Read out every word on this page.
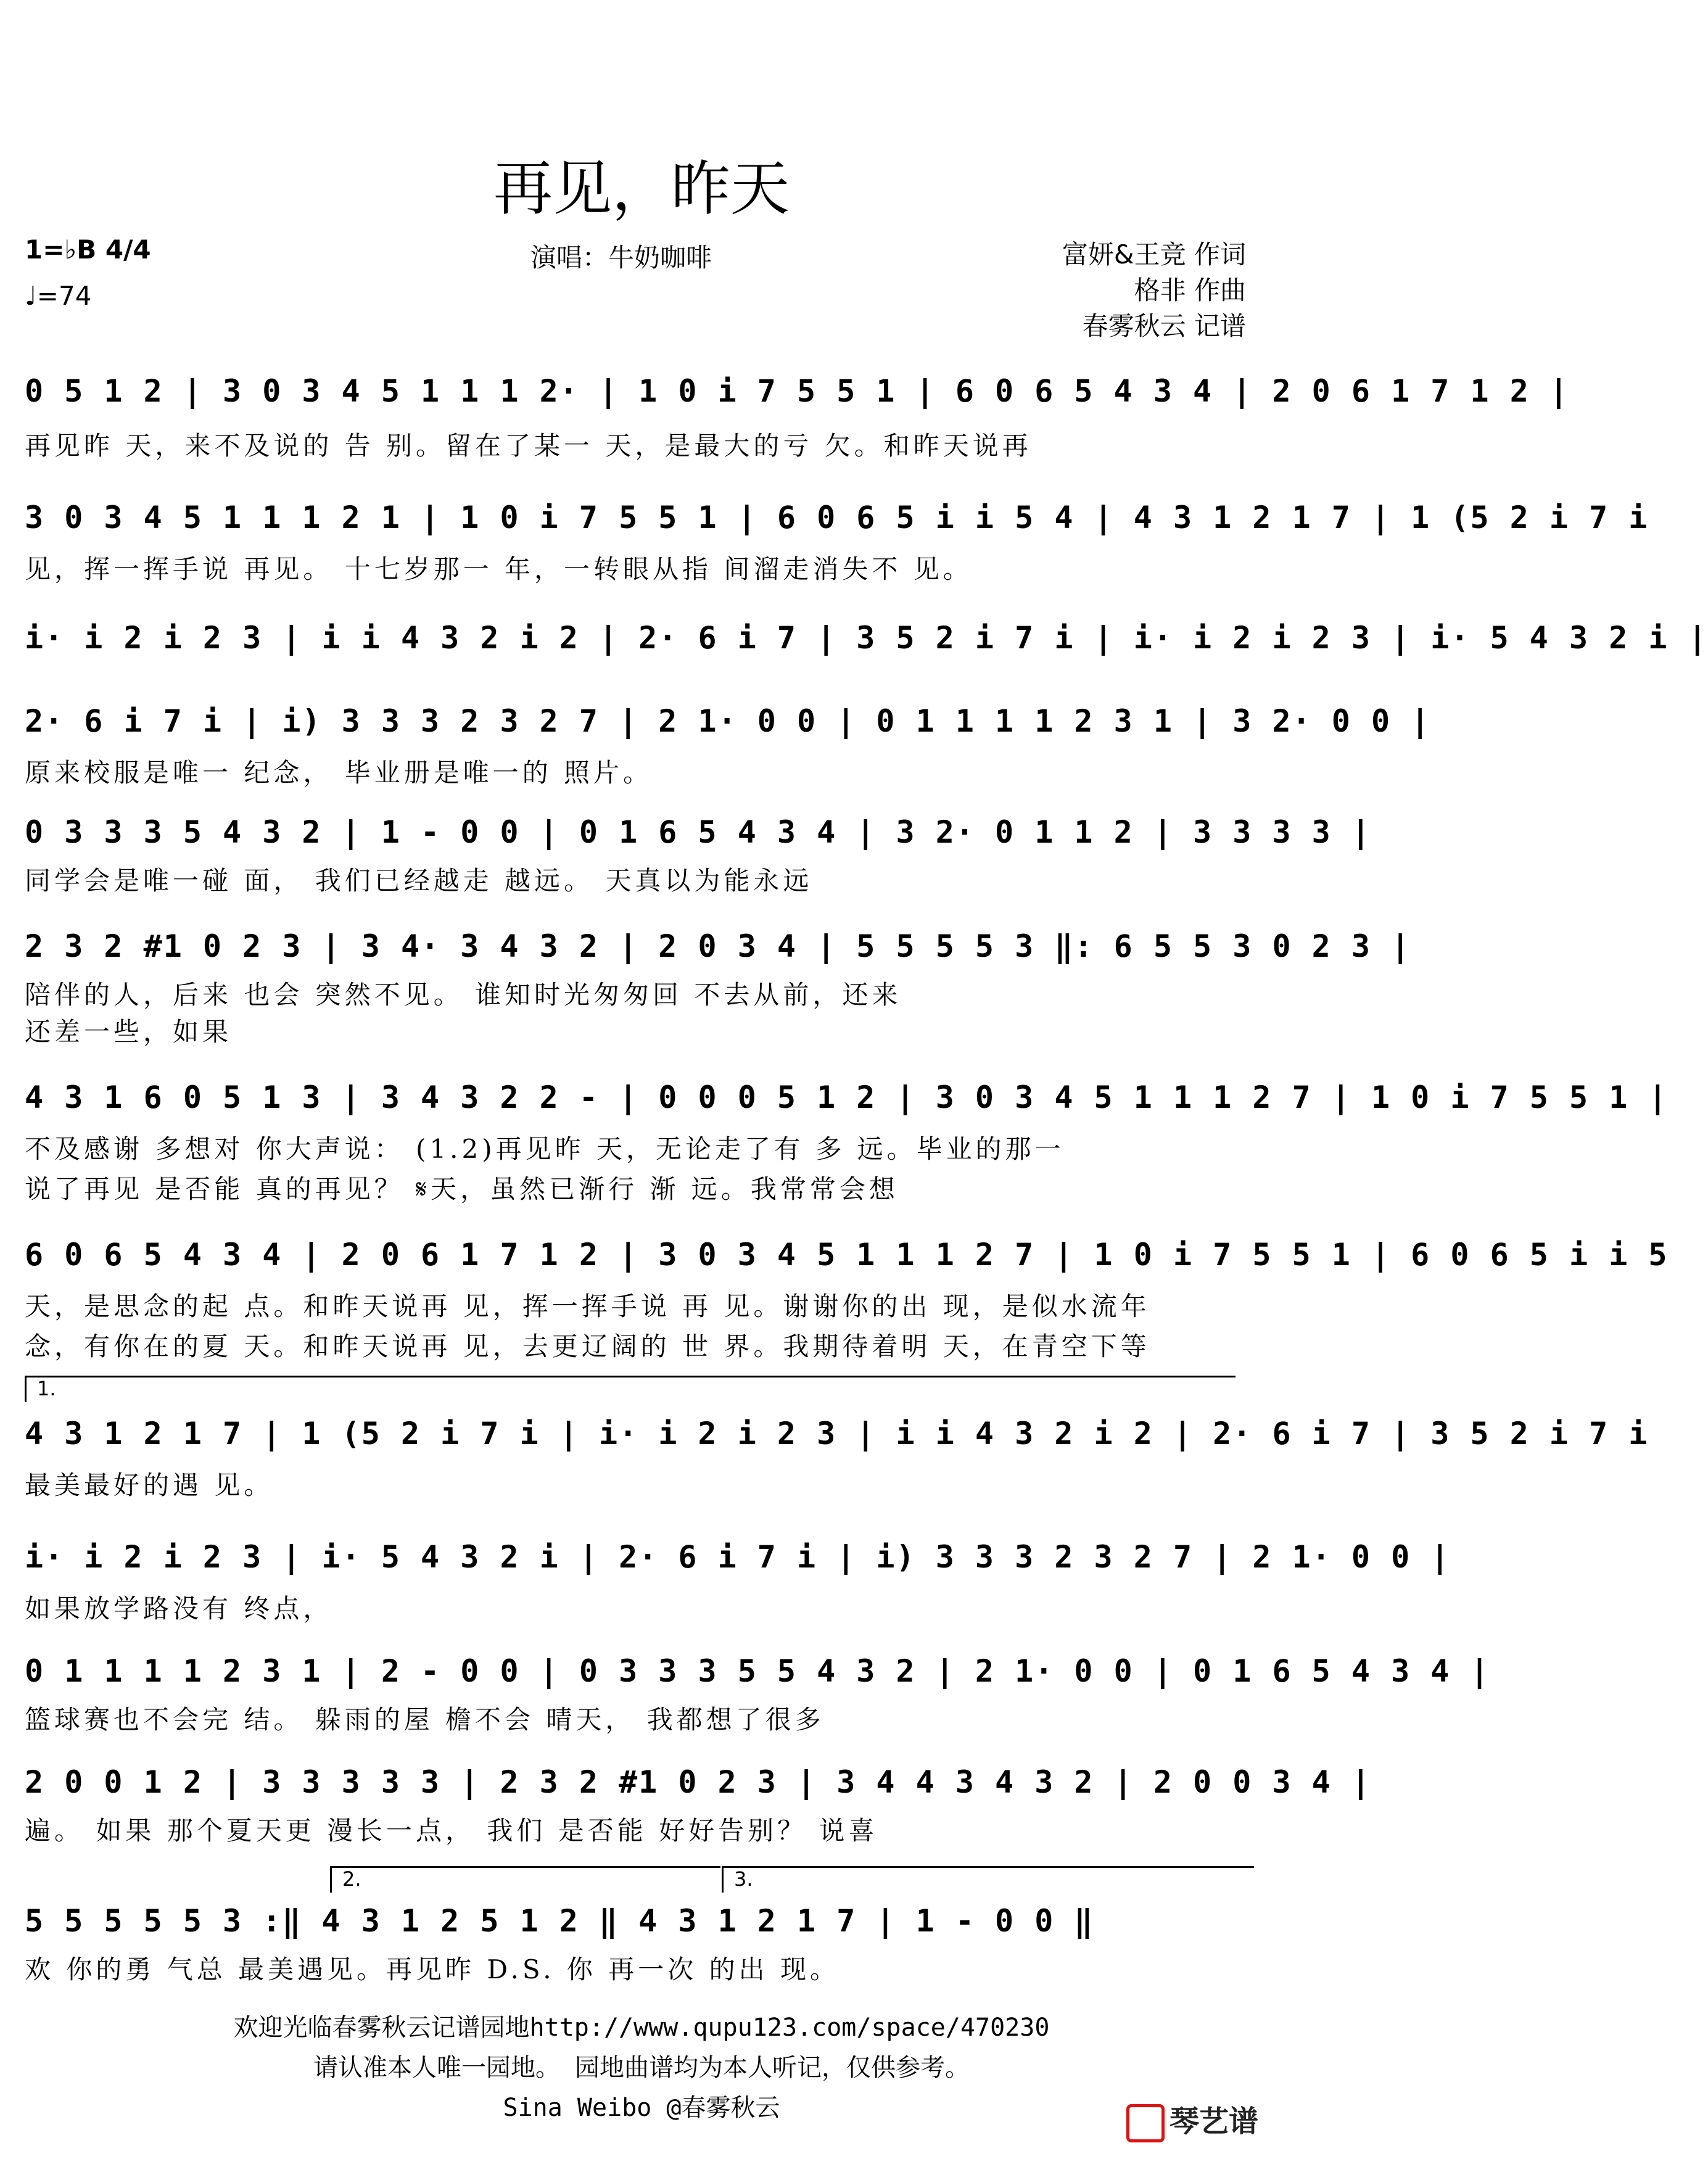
再见，昨天
1=♭B 4/4
♩=74
演唱：牛奶咖啡	富妍&王竞 作词
格非 作曲
春雾秋云 记谱
0 5 1 2 | 3 0 3 4 5 1 1 1 2· | 1 0 i 7 5 5 1 | 6 0 6 5 4 3 4 | 2 0 6 1 7 1 2 |
再见昨 天，来不及说的 告 别。留在了某一 天，是最大的亏 欠。和昨天说再
3 0 3 4 5 1 1 1 2 1 | 1 0 i 7 5 5 1 | 6 0 6 5 i i 5 4 | 4 3 1 2 1 7 | 1 (5 2 i 7 i
见，挥一挥手说 再见。 十七岁那一 年，一转眼从指 间溜走消失不 见。
i· i 2 i 2 3 | i i 4 3 2 i 2 | 2· 6 i 7 | 3 5 2 i 7 i | i· i 2 i 2 3 | i· 5 4 3 2 i |
2· 6 i 7 i | i) 3 3 3 2 3 2 7 | 2 1· 0 0 | 0 1 1 1 1 2 3 1 | 3 2· 0 0 |
原来校服是唯一 纪念， 毕业册是唯一的 照片。
0 3 3 3 5 4 3 2 | 1 - 0 0 | 0 1 6 5 4 3 4 | 3 2· 0 1 1 2 | 3 3 3 3 |
同学会是唯一碰 面， 我们已经越走 越远。 天真以为能永远
2 3 2 #1 0 2 3 | 3 4· 3 4 3 2 | 2 0 3 4 | 5 5 5 5 3 ‖: 6 5 5 3 0 2 3 |
陪伴的人，后来 也会 突然不见。 谁知时光匆匆回 不去从前，还来
还差一些，如果
4 3 1 6 0 5 1 3 | 3 4 3 2 2 - | 0 0 0 5 1 2 | 3 0 3 4 5 1 1 1 2 7 | 1 0 i 7 5 5 1 |
不及感谢 多想对 你大声说： (1.2)再见昨 天，无论走了有 多 远。毕业的那一
说了再见 是否能 真的再见？ 𝄋天，虽然已渐行 渐 远。我常常会想
6 0 6 5 4 3 4 | 2 0 6 1 7 1 2 | 3 0 3 4 5 1 1 1 2 7 | 1 0 i 7 5 5 1 | 6 0 6 5 i i 5
天，是思念的起 点。和昨天说再 见，挥一挥手说 再 见。谢谢你的出 现，是似水流年
念，有你在的夏 天。和昨天说再 见，去更辽阔的 世 界。我期待着明 天，在青空下等
1.
4 3 1 2 1 7 | 1 (5 2 i 7 i | i· i 2 i 2 3 | i i 4 3 2 i 2 | 2· 6 i 7 | 3 5 2 i 7 i
最美最好的遇 见。
i· i 2 i 2 3 | i· 5 4 3 2 i | 2· 6 i 7 i | i) 3 3 3 2 3 2 7 | 2 1· 0 0 |
如果放学路没有 终点，
0 1 1 1 1 2 3 1 | 2 - 0 0 | 0 3 3 3 5 5 4 3 2 | 2 1· 0 0 | 0 1 6 5 4 3 4 |
篮球赛也不会完 结。 躲雨的屋 檐不会 晴天， 我都想了很多
2 0 0 1 2 | 3 3 3 3 3 | 2 3 2 #1 0 2 3 | 3 4 4 3 4 3 2 | 2 0 0 3 4 |
遍。 如果 那个夏天更 漫长一点， 我们 是否能 好好告别？ 说喜
2.	3.
5 5 5 5 5 3 :‖ 4 3 1 2 5 1 2 ‖ 4 3 1 2 1 7 | 1 - 0 0 ‖
欢 你的勇 气总 最美遇见。再见昨 D.S. 你 再一次 的出 现。
欢迎光临春雾秋云记谱园地http://www.qupu123.com/space/470230
请认准本人唯一园地。 园地曲谱均为本人听记，仅供参考。
Sina Weibo @春雾秋云	琴艺谱
